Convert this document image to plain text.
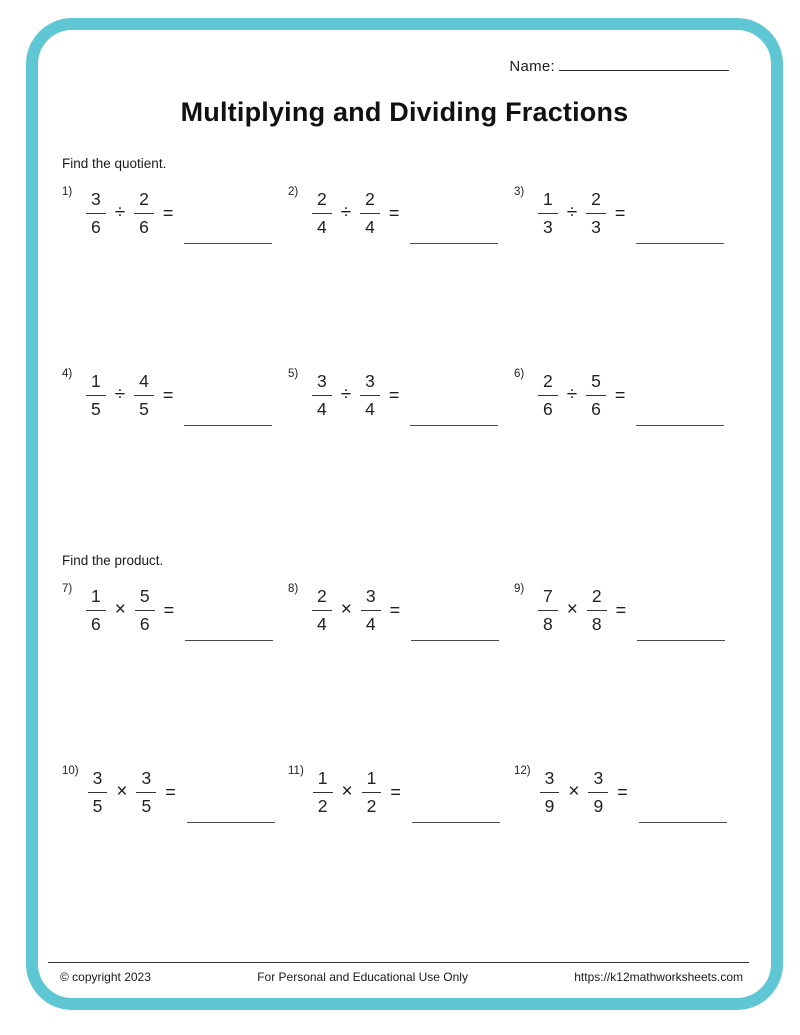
Name:
Multiplying and Dividing Fractions
Find the quotient.
$1) \frac{3}{6} \div \frac{2}{6}$ =
$2) \frac{2}{4} \div \frac{2}{4}$ =
$3) \frac{1}{3} \div \frac{2}{3}$ =
$4) \frac{1}{5} \div \frac{4}{5}$ =
$5) \frac{3}{4} \div \frac{3}{4}$ =
$6) \frac{2}{6} \div \frac{5}{6}$ =
Find the product.
$7) \frac{1}{6} \times \frac{5}{6}$ =
$8) \frac{2}{4} \times \frac{3}{4}$ =
$9) \frac{7}{8} \times \frac{2}{8}$ =
$10) \frac{3}{5} \times \frac{3}{5}$ =
$11) \frac{1}{2} \times \frac{1}{2}$ =
$12) \frac{3}{9} \times \frac{3}{9}$ =
© copyright 2023	For Personal and Educational Use Only	https://k12mathworksheets.com
